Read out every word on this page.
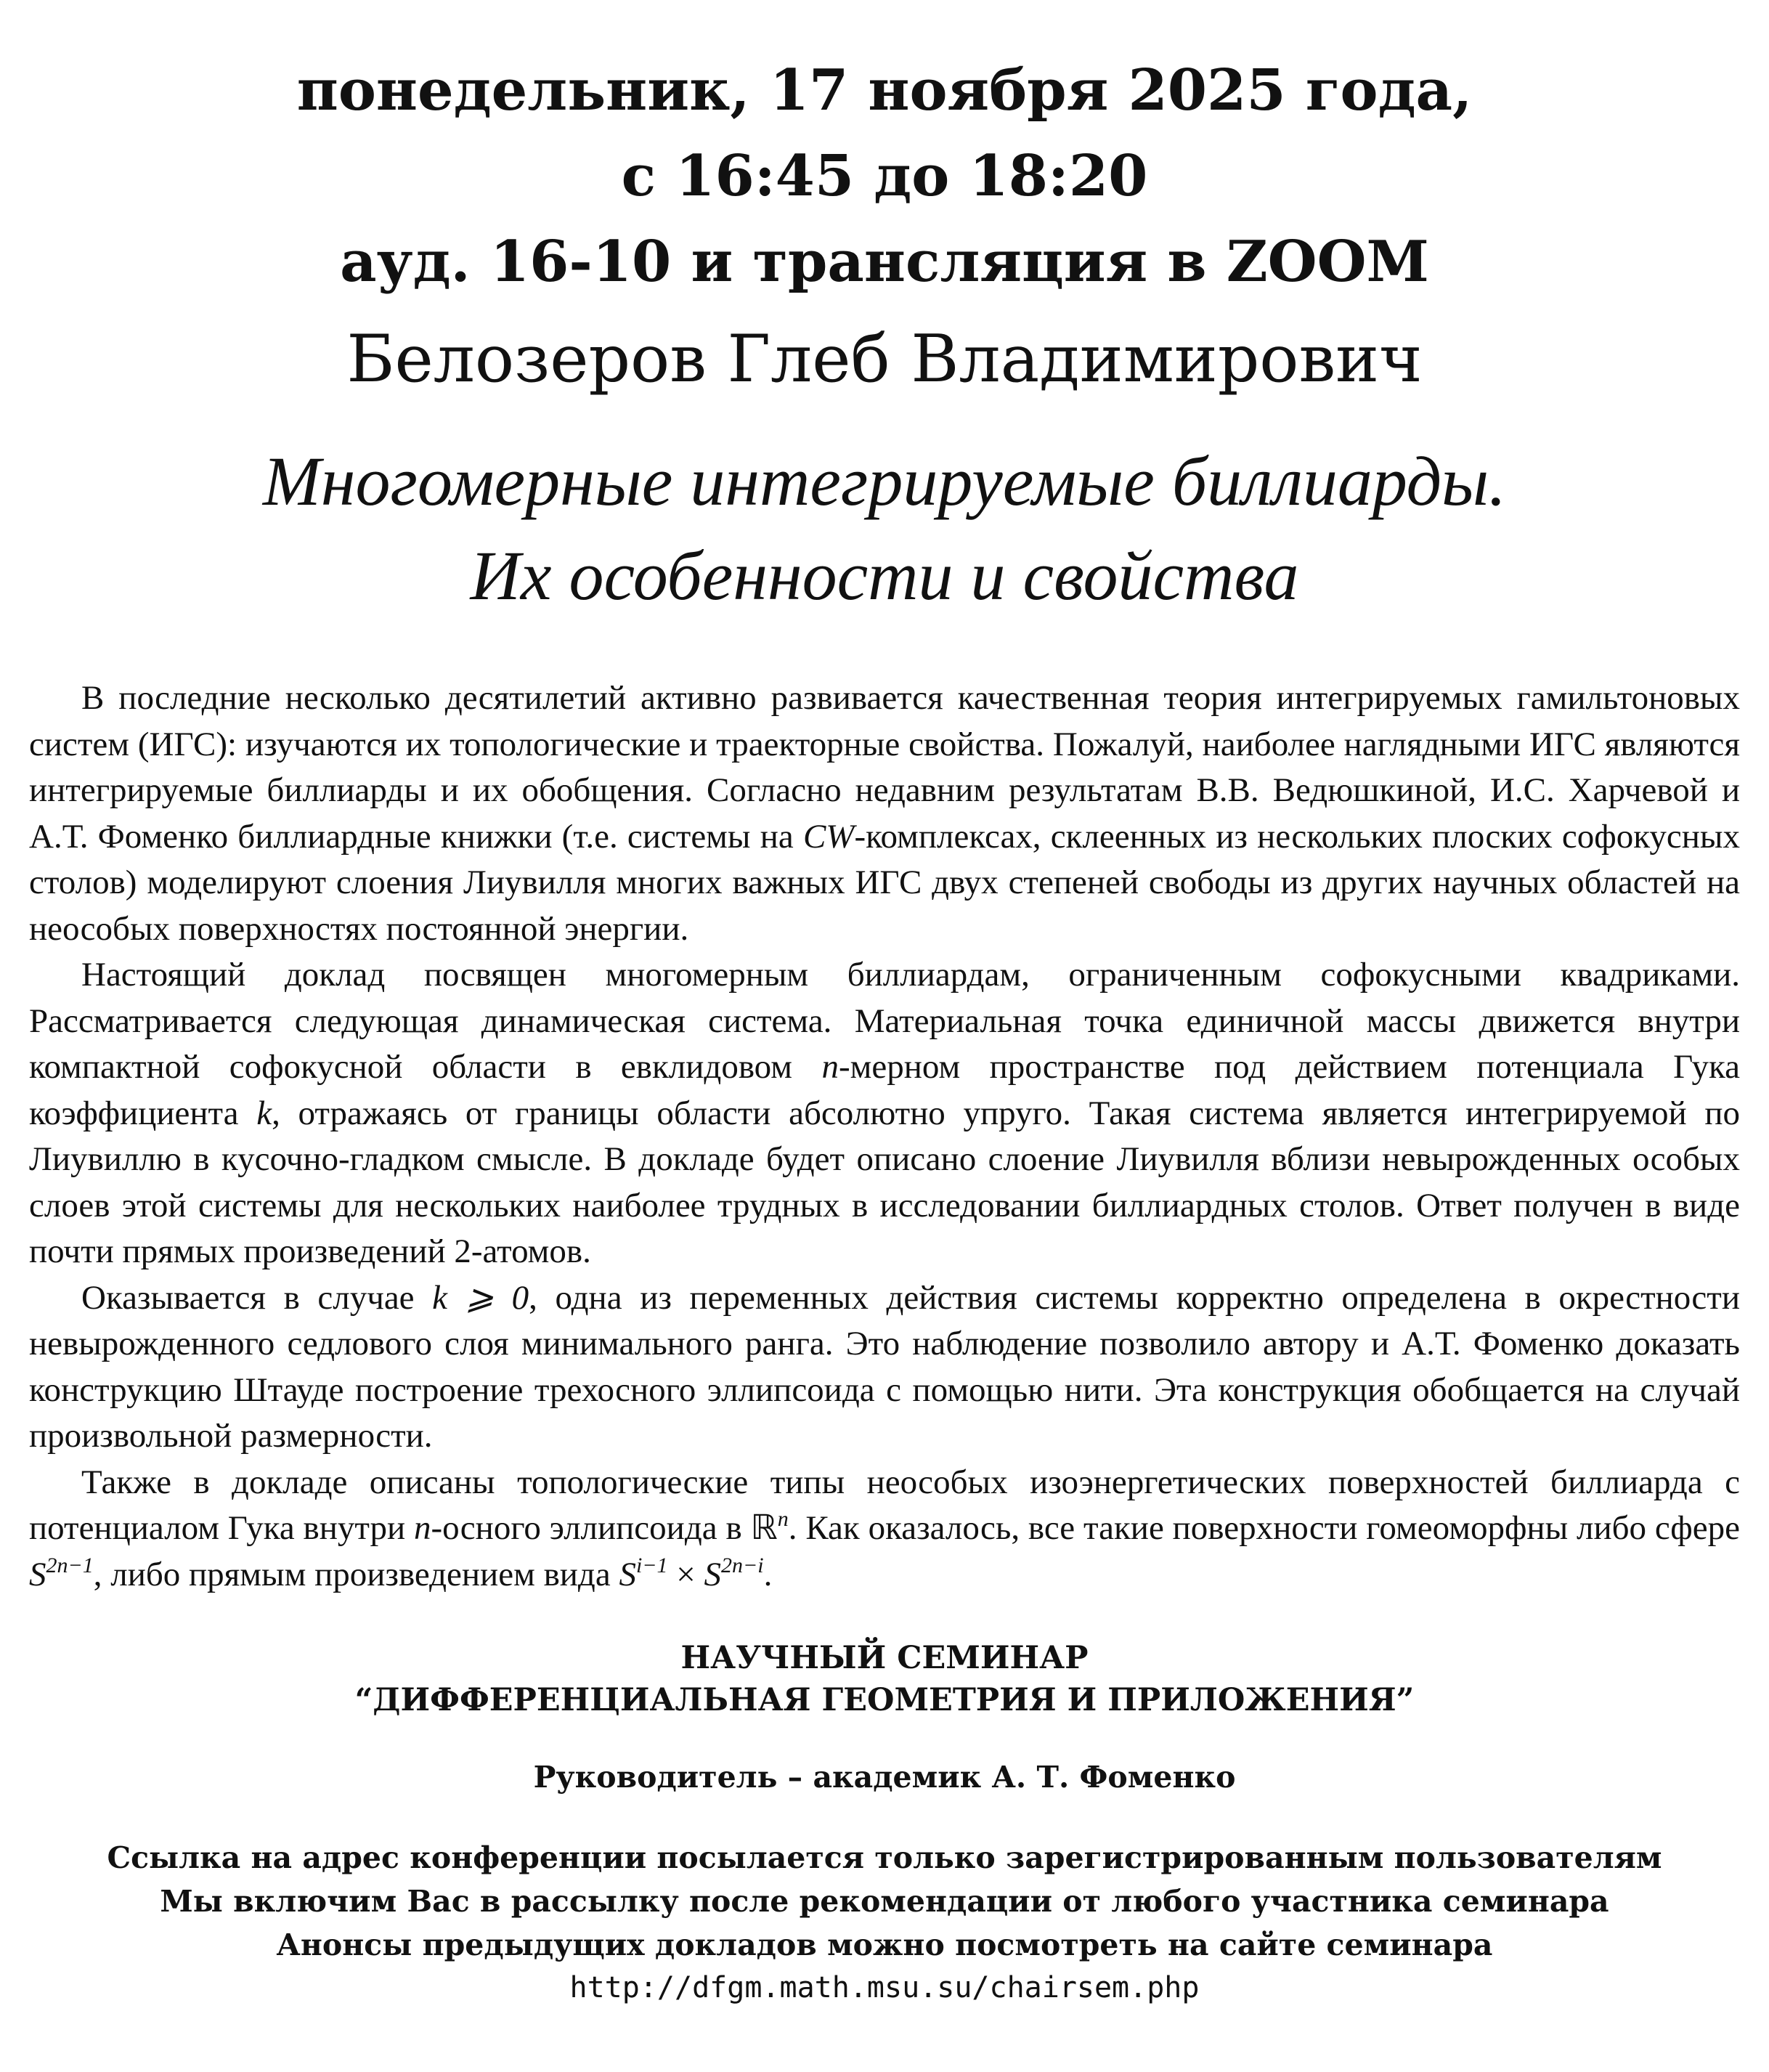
понедельник, 17 ноября 2025 года,
с 16:45 до 18:20
ауд. 16-10 и трансляция в ZOOM
Белозеров Глеб Владимирович
Многомерные интегрируемые биллиарды.
Их особенности и свойства

В последние несколько десятилетий активно развивается качественная теория интегрируемых гамильтоновых систем (ИГС): изучаются их топологические и траекторные свойства. Пожалуй, наиболее наглядными ИГС являются интегрируемые биллиарды и их обобщения. Согласно недавним результатам В.В. Ведюшкиной, И.С. Харчевой и А.Т. Фоменко биллиардные книжки (т.е. системы на CW-комплексах, склеенных из нескольких плоских софокусных столов) моделируют слоения Лиувилля многих важных ИГС двух степеней свободы из других научных областей на неособых поверхностях постоянной энергии.

Настоящий доклад посвящен многомерным биллиардам, ограниченным софокусными квадриками. Рассматривается следующая динамическая система. Материальная точка единичной массы движется внутри компактной софокусной области в евклидовом n-мерном пространстве под действием потенциала Гука коэффициента k, отражаясь от границы области абсолютно упруго. Такая система является интегрируемой по Лиувиллю в кусочно-гладком смысле. В докладе будет описано слоение Лиувилля вблизи невырожденных особых слоев этой системы для нескольких наиболее трудных в исследовании биллиардных столов. Ответ получен в виде почти прямых произведений 2-атомов.

Оказывается в случае k ⩾ 0, одна из переменных действия системы корректно определена в окрестности невырожденного седлового слоя минимального ранга. Это наблюдение позволило автору и А.Т. Фоменко доказать конструкцию Штауде построение трехосного эллипсоида с помощью нити. Эта конструкция обобщается на случай произвольной размерности.

Также в докладе описаны топологические типы неособых изоэнергетических поверхностей биллиарда с потенциалом Гука внутри n-осного эллипсоида в ℝ$^n$. Как оказалось, все такие поверхности гомеоморфны либо сфере $S^{2n-1}$, либо прямым произведением вида $S^{i-1} \times S^{2n-i}$.

НАУЧНЫЙ СЕМИНАР
“ДИФФЕРЕНЦИАЛЬНАЯ ГЕОМЕТРИЯ И ПРИЛОЖЕНИЯ”
Руководитель – академик А. Т. Фоменко
Ссылка на адрес конференции посылается только зарегистрированным пользователям
Мы включим Вас в рассылку после рекомендации от любого участника семинара
Анонсы предыдущих докладов можно посмотреть на сайте семинара
http://dfgm.math.msu.su/chairsem.php
